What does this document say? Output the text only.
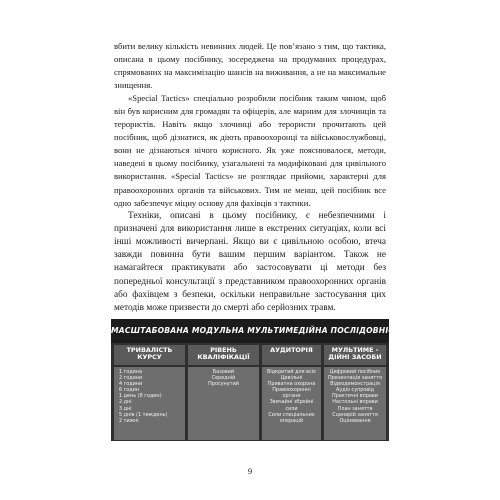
вбити велику кількість невинних людей. Це пов’язано з тим, що тактика, описана в цьому посібнику, зосереджена на продуманих процедурах, спрямованих на максимізацію шансів на виживання, а не на максимальне знищення.

«Special Tactics» спеціально розробили посібник таким чином, щоб він був корисним для громадян та офіцерів, але марним для злочинців та терористів. Навіть якщо злочинці або терористи прочитають цей посібник, щоб дізнатися, як діють правоохоронці та військовослужбовці, вони не дізнаються нічого корисного. Як уже пояснювалося, методи, наведені в цьому посібнику, узагальнені та модифіковані для цивільного використання. «Special Tactics» не розглядає прийоми, характерні для правоохоронних органів та військових. Тим не менш, цей посібник все одно забезпечує міцну основу для фахівців з тактики.

Техніки, описані в цьому посібнику, є небезпечними і призначені для використання лише в екстрених ситуаціях, коли всі інші можливості вичерпані. Якщо ви є цивільною особою, втеча завжди повинна бути вашим першим варіантом. Також не намагайтеся практикувати або застосовувати ці методи без попередньої консультації з представником правоохоронних органів або фахівцем з безпеки, оскільки неправильне застосування цих методів може призвести до смерті або серйозних травм.

МАСШТАБОВАНА МОДУЛЬНА МУЛЬТИМЕДІЙНА ПОСЛІДОВНІСТЬ
ТРИВАЛІСТЬ КУРСУ
1 година
2 години
4 години
6 годин
1 день (8 годин)
2 дні
3 дні
5 днів (1 тиждень)
2 тижні
РІВЕНЬ КВАЛІФІКАЦІЇ
Базовий
Середній
Просунутий
АУДИТОРІЯ
Відкритий для всіх
Цивільні
Приватна охорона
Правоохоронні
органи
Звичайні збройні
сили
Сили спеціальних
операцій
МУЛЬТИМЕ - ДІЙНІ ЗАСОБИ
Цифровий посібник
Презентація заняття
Відеодемонстрація
Аудіо супровід
Практичні вправи
Настольні вправи
План заняття
Сценарій заняття
Оцінювання
9
